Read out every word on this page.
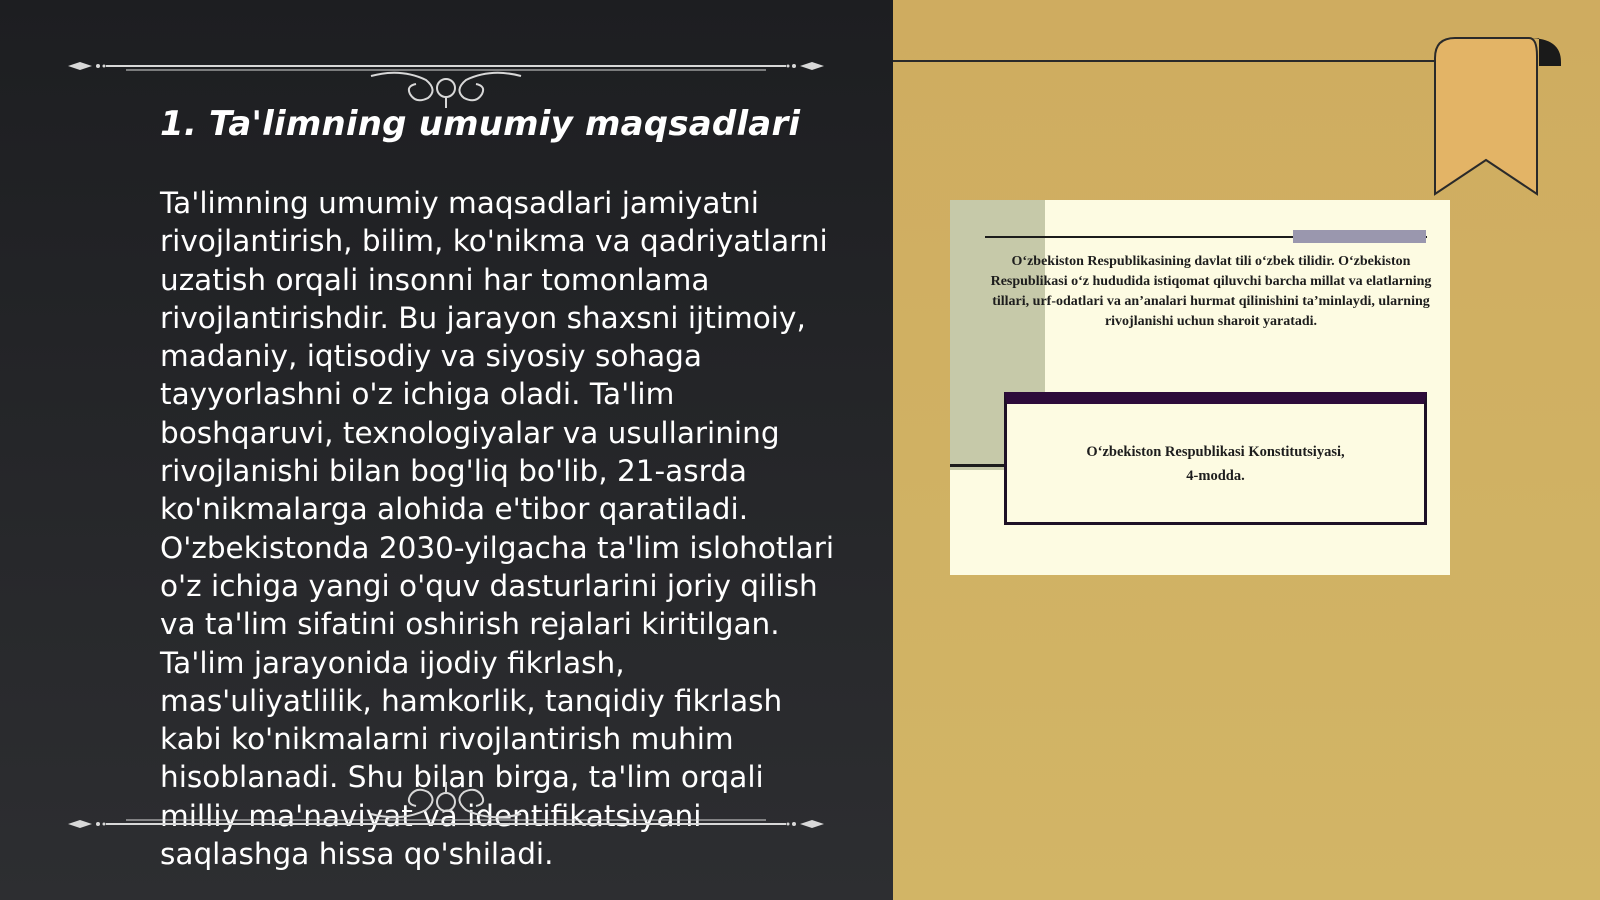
1. Ta'limning umumiy maqsadlari

Ta'limning umumiy maqsadlari jamiyatni rivojlantirish, bilim, ko'nikma va qadriyatlarni uzatish orqali insonni har tomonlama rivojlantirishdir. Bu jarayon shaxsni ijtimoiy, madaniy, iqtisodiy va siyosiy sohaga tayyorlashni o'z ichiga oladi. Ta'lim boshqaruvi, texnologiyalar va usullarining rivojlanishi bilan bog'liq bo'lib, 21-asrda ko'nikmalarga alohida e'tibor qaratiladi. O'zbekistonda 2030-yilgacha ta'lim islohotlari o'z ichiga yangi o'quv dasturlarini joriy qilish va ta'lim sifatini oshirish rejalari kiritilgan. Ta'lim jarayonida ijodiy fikrlash, mas'uliyatlilik, hamkorlik, tanqidiy fikrlash kabi ko'nikmalarni rivojlantirish muhim hisoblanadi. Shu bilan birga, ta'lim orqali milliy ma'naviyat va identifikatsiyani saqlashga hissa qo'shiladi.

O‘zbekiston Respublikasining davlat tili o‘zbek tilidir. O‘zbekiston Respublikasi o‘z hududida istiqomat qiluvchi barcha millat va elatlarning tillari, urf-odatlari va an’analari hurmat qilinishini ta’minlaydi, ularning rivojlanishi uchun sharoit yaratadi.

O‘zbekiston Respublikasi Konstitutsiyasi,
4-modda.
